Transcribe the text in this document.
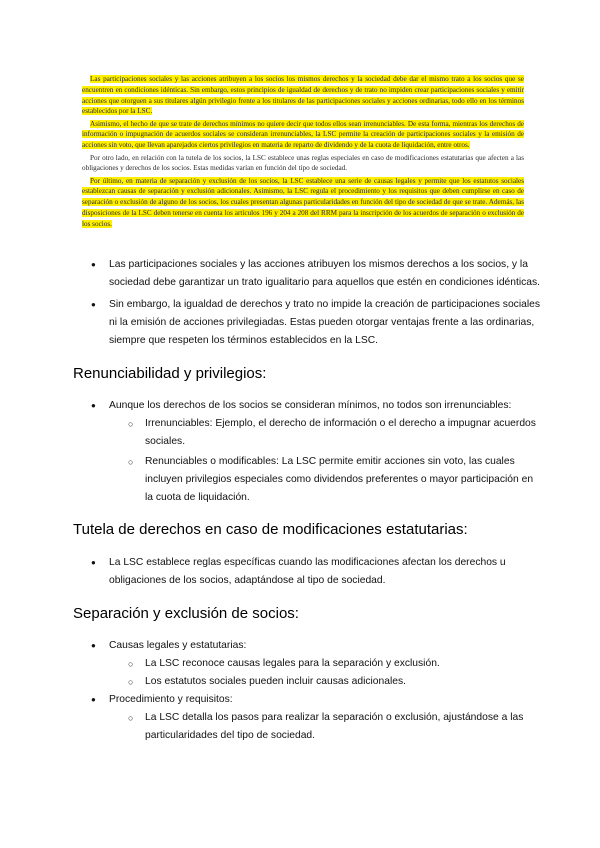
Las participaciones sociales y las acciones atribuyen a los socios los mismos derechos y la sociedad debe dar el mismo trato a los socios que se encuentren en condiciones idénticas. Sin embargo, estos principios de igualdad de derechos y de trato no impiden crear participaciones sociales y emitir acciones que otorguen a sus titulares algún privilegio frente a los titulares de las participaciones sociales y acciones ordinarias, todo ello en los términos establecidos por la LSC.

Asimismo, el hecho de que se trate de derechos mínimos no quiere decir que todos ellos sean irrenunciables. De esta forma, mientras los derechos de información o impugnación de acuerdos sociales se consideran irrenunciables, la LSC permite la creación de participaciones sociales y la emisión de acciones sin voto, que llevan aparejados ciertos privilegios en materia de reparto de dividendo y de la cuota de liquidación, entre otros.

Por otro lado, en relación con la tutela de los socios, la LSC establece unas reglas especiales en caso de modificaciones estatutarias que afecten a las obligaciones y derechos de los socios. Estas medidas varían en función del tipo de sociedad.

Por último, en materia de separación y exclusión de los socios, la LSC establece una serie de causas legales y permite que los estatutos sociales establezcan causas de separación y exclusión adicionales. Asimismo, la LSC regula el procedimiento y los requisitos que deben cumplirse en caso de separación o exclusión de alguno de los socios, los cuales presentan algunas particularidades en función del tipo de sociedad de que se trate. Además, las disposiciones de la LSC deben tenerse en cuenta los artículos 196 y 204 a 208 del RRM para la inscripción de los acuerdos de separación o exclusión de los socios.

● Las participaciones sociales y las acciones atribuyen los mismos derechos a los socios, y la sociedad debe garantizar un trato igualitario para aquellos que estén en condiciones idénticas.
● Sin embargo, la igualdad de derechos y trato no impide la creación de participaciones sociales ni la emisión de acciones privilegiadas. Estas pueden otorgar ventajas frente a las ordinarias, siempre que respeten los términos establecidos en la LSC.
Renunciabilidad y privilegios:
● Aunque los derechos de los socios se consideran mínimos, no todos son irrenunciables:
○ Irrenunciables: Ejemplo, el derecho de información o el derecho a impugnar acuerdos sociales.
○ Renunciables o modificables: La LSC permite emitir acciones sin voto, las cuales incluyen privilegios especiales como dividendos preferentes o mayor participación en la cuota de liquidación.
Tutela de derechos en caso de modificaciones estatutarias:
● La LSC establece reglas específicas cuando las modificaciones afectan los derechos u obligaciones de los socios, adaptándose al tipo de sociedad.
Separación y exclusión de socios:
● Causas legales y estatutarias:
○ La LSC reconoce causas legales para la separación y exclusión.
○ Los estatutos sociales pueden incluir causas adicionales.
● Procedimiento y requisitos:
○ La LSC detalla los pasos para realizar la separación o exclusión, ajustándose a las particularidades del tipo de sociedad.
